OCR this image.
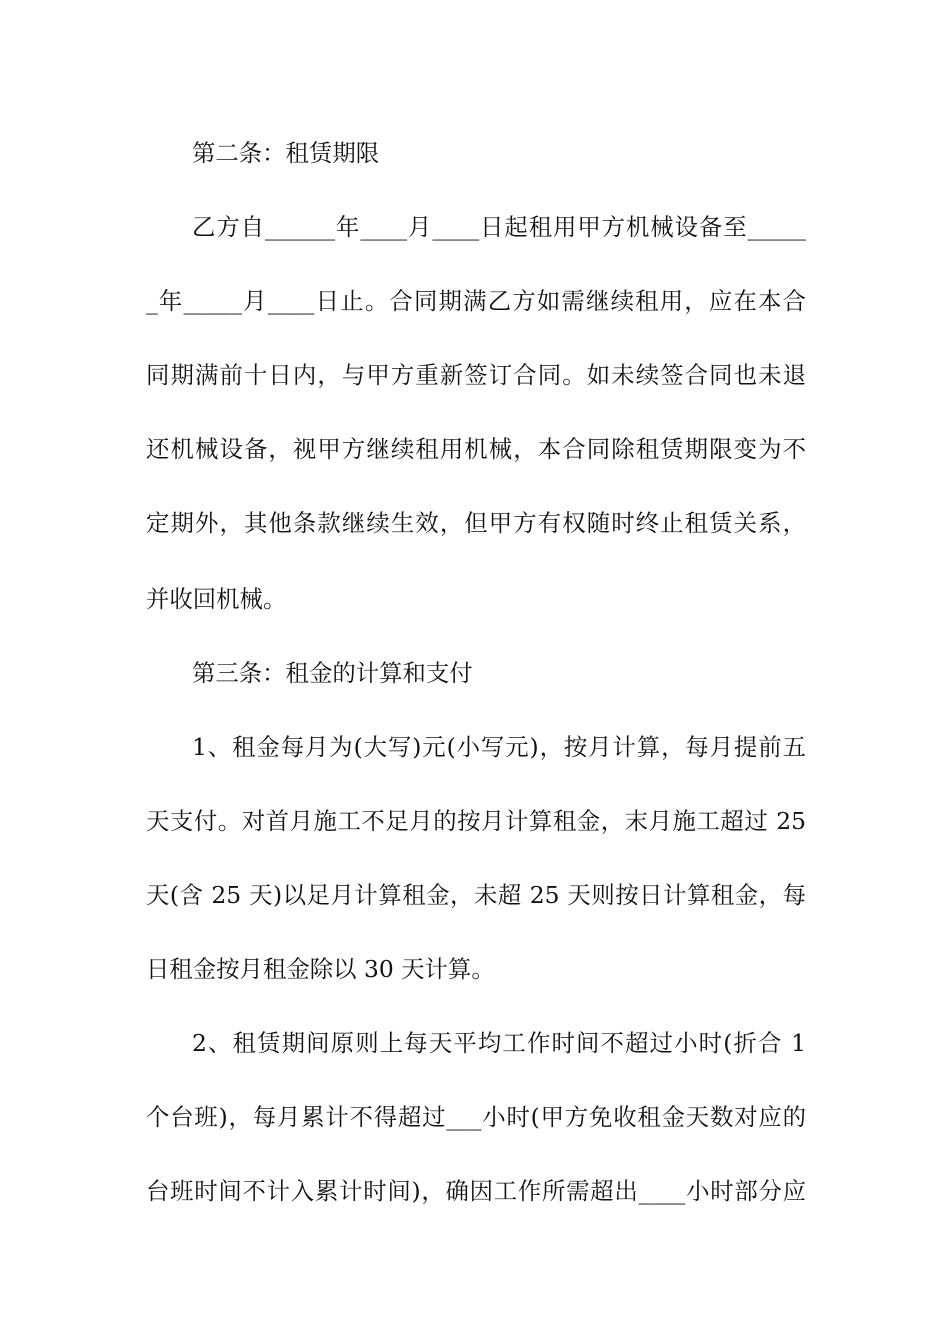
第二条：租赁期限
乙方自______年____月____日起租用甲方机械设备至_____
_年_____月____日止。合同期满乙方如需继续租用，应在本合
同期满前十日内，与甲方重新签订合同。如未续签合同也未退
还机械设备，视甲方继续租用机械，本合同除租赁期限变为不
定期外，其他条款继续生效，但甲方有权随时终止租赁关系，
并收回机械。
第三条：租金的计算和支付
1、租金每月为(大写)元(小写元)，按月计算，每月提前五
天支付。对首月施工不足月的按月计算租金，末月施工超过 25
天(含 25 天)以足月计算租金，未超 25 天则按日计算租金，每
日租金按月租金除以 30 天计算。
2、租赁期间原则上每天平均工作时间不超过小时(折合 1
个台班)，每月累计不得超过___小时(甲方免收租金天数对应的
台班时间不计入累计时间)，确因工作所需超出____小时部分应
